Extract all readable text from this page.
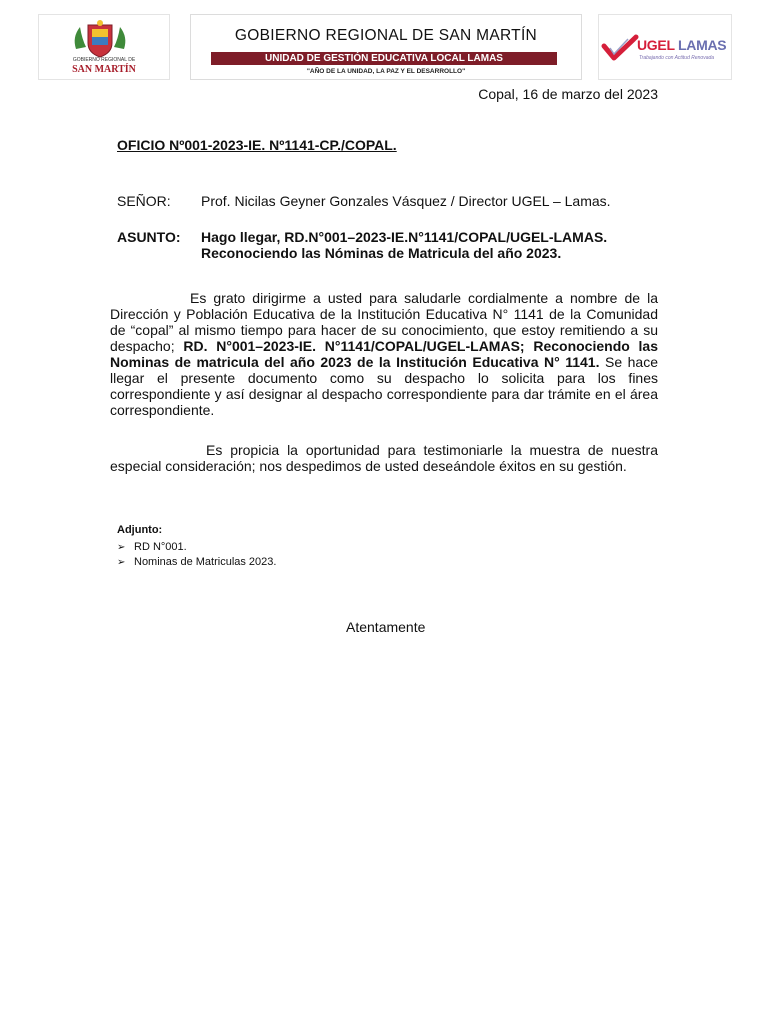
GOBIERNO REGIONAL DE
SAN MARTÍN
GOBIERNO REGIONAL DE SAN MARTÍN
UNIDAD DE GESTIÓN EDUCATIVA LOCAL LAMAS
"AÑO DE LA UNIDAD, LA PAZ Y EL DESARROLLO"
UGEL LAMAS
Trabajando con Actitud Renovada

Copal, 16 de marzo del 2023

OFICIO Nº001-2023-IE. Nº1141-CP./COPAL.

SEÑOR: Prof. Nicilas Geyner Gonzales Vásquez / Director UGEL – Lamas.

ASUNTO: Hago llegar, RD.N°001–2023-IE.N°1141/COPAL/UGEL-LAMAS.
Reconociendo las Nóminas de Matricula del año 2023.

Es grato dirigirme a usted para saludarle cordialmente a nombre de la Dirección y Población Educativa de la Institución Educativa N° 1141 de la Comunidad de “copal” al mismo tiempo para hacer de su conocimiento, que estoy remitiendo a su despacho; RD. N°001–2023-IE. N°1141/COPAL/UGEL-LAMAS; Reconociendo las Nominas de matricula del año 2023 de la Institución Educativa N° 1141. Se hace llegar el presente documento como su despacho lo solicita para los fines correspondiente y así designar al despacho correspondiente para dar trámite en el área correspondiente.

Es propicia la oportunidad para testimoniarle la muestra de nuestra especial consideración; nos despedimos de usted deseándole éxitos en su gestión.

Adjunto:
➢ RD N°001.
➢ Nominas de Matriculas 2023.

Atentamente
